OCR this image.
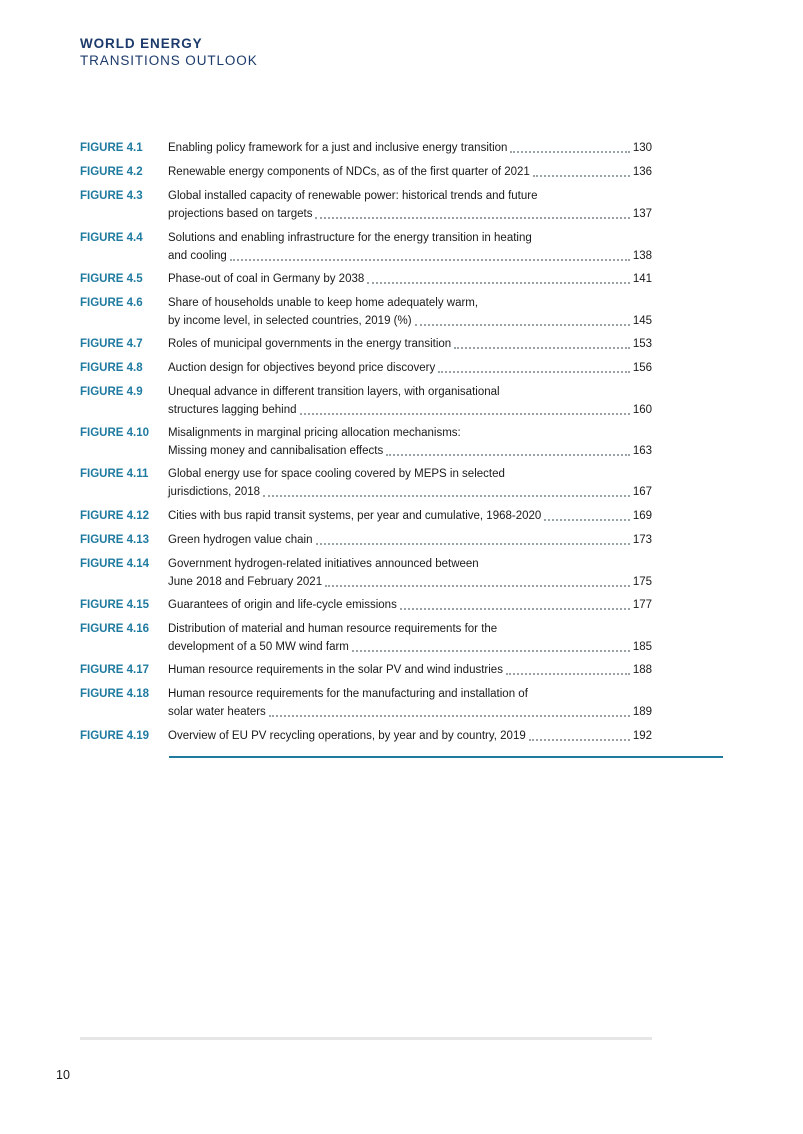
WORLD ENERGY
TRANSITIONS OUTLOOK
FIGURE 4.1	Enabling policy framework for a just and inclusive energy transition	130
FIGURE 4.2	Renewable energy components of NDCs, as of the first quarter of 2021	136
FIGURE 4.3	Global installed capacity of renewable power: historical trends and future
projections based on targets	137
FIGURE 4.4	Solutions and enabling infrastructure for the energy transition in heating
and cooling	138
FIGURE 4.5	Phase-out of coal in Germany by 2038	141
FIGURE 4.6	Share of households unable to keep home adequately warm,
by income level, in selected countries, 2019 (%)	145
FIGURE 4.7	Roles of municipal governments in the energy transition	153
FIGURE 4.8	Auction design for objectives beyond price discovery	156
FIGURE 4.9	Unequal advance in different transition layers, with organisational
structures lagging behind	160
FIGURE 4.10	Misalignments in marginal pricing allocation mechanisms:
Missing money and cannibalisation effects	163
FIGURE 4.11	Global energy use for space cooling covered by MEPS in selected
jurisdictions, 2018	167
FIGURE 4.12	Cities with bus rapid transit systems, per year and cumulative, 1968-2020	169
FIGURE 4.13	Green hydrogen value chain	173
FIGURE 4.14	Government hydrogen-related initiatives announced between
June 2018 and February 2021	175
FIGURE 4.15	Guarantees of origin and life-cycle emissions	177
FIGURE 4.16	Distribution of material and human resource requirements for the
development of a 50 MW wind farm	185
FIGURE 4.17	Human resource requirements in the solar PV and wind industries	188
FIGURE 4.18	Human resource requirements for the manufacturing and installation of
solar water heaters	189
FIGURE 4.19	Overview of EU PV recycling operations, by year and by country, 2019	192
10
